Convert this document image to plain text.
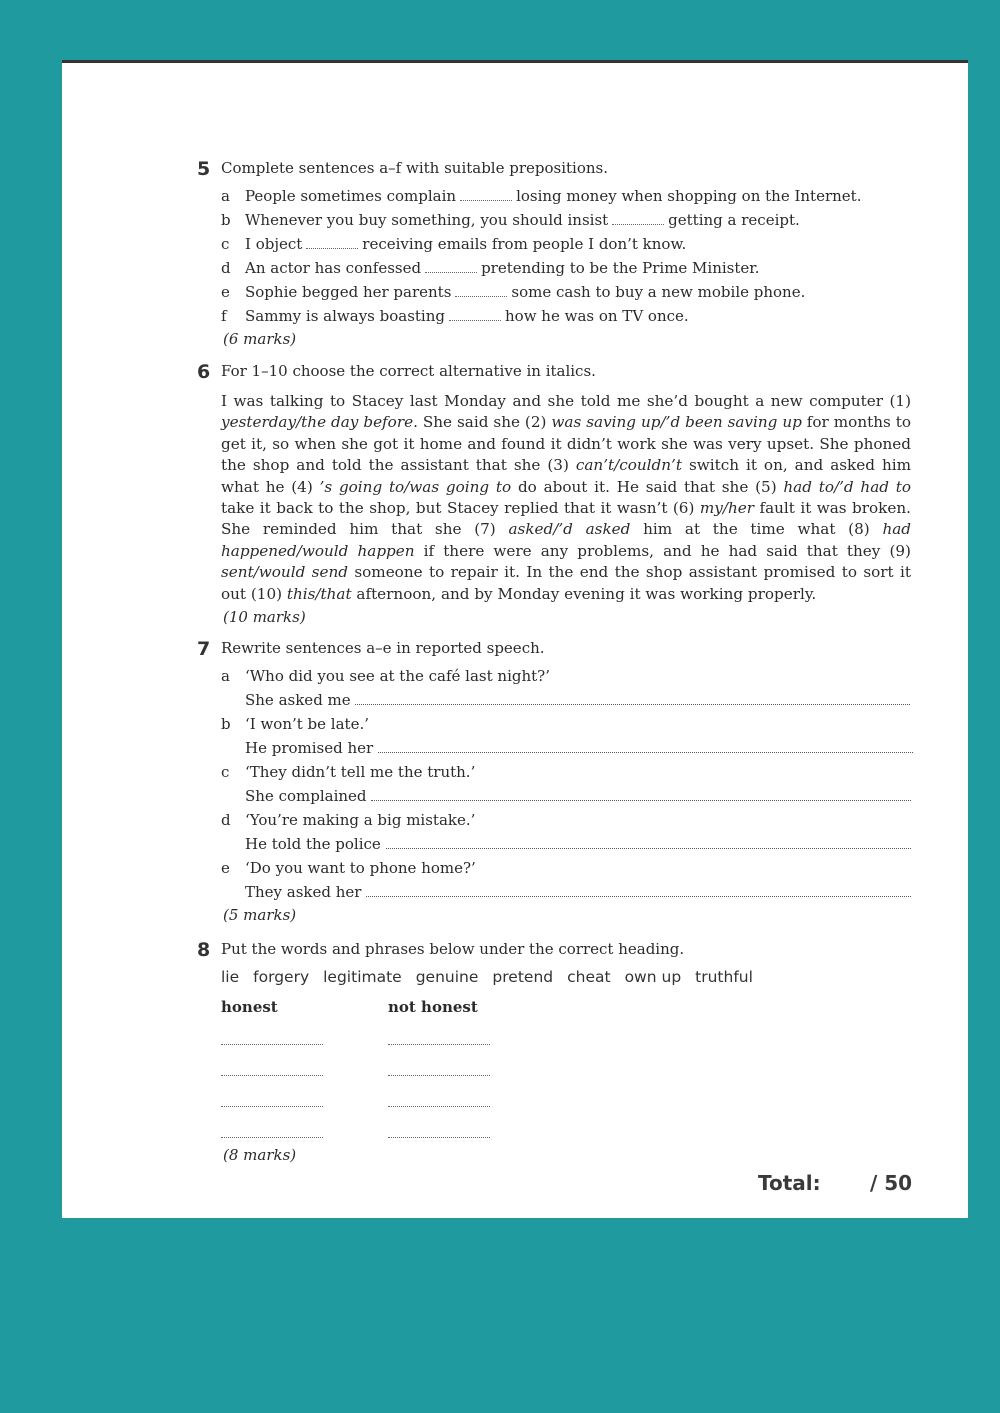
5 Complete sentences a–f with suitable prepositions.
a People sometimes complain	losing money when shopping on the Internet.
b Whenever you buy something, you should insist	getting a receipt.
c I object	receiving emails from people I don’t know.
d An actor has confessed	pretending to be the Prime Minister.
e Sophie begged her parents	some cash to buy a new mobile phone.
f Sammy is always boasting	how he was on TV once.
(6 marks)
6 For 1–10 choose the correct alternative in italics.
I was talking to Stacey last Monday and she told me she’d bought a new computer (1) yesterday/the day before. She said she (2) was saving up/’d been saving up for months to get it, so when she got it home and found it didn’t work she was very upset. She phoned the shop and told the assistant that she (3) can’t/couldn’t switch it on, and asked him what he (4) ’s going to/was going to do about it. He said that she (5) had to/’d had to take it back to the shop, but Stacey replied that it wasn’t (6) my/her fault it was broken. She reminded him that she (7) asked/’d asked him at the time what (8) had happened/would happen if there were any problems, and he had said that they (9) sent/would send someone to repair it. In the end the shop assistant promised to sort it out (10) this/that afternoon, and by Monday evening it was working properly.
(10 marks)
7 Rewrite sentences a–e in reported speech.
a ‘Who did you see at the café last night?’
She asked me
b ‘I won’t be late.’
He promised her
c ‘They didn’t tell me the truth.’
She complained
d ‘You’re making a big mistake.’
He told the police
e ‘Do you want to phone home?’
They asked her
(5 marks)
8 Put the words and phrases below under the correct heading.
lie forgery legitimate genuine pretend cheat own up truthful
honest	not honest
(8 marks)
Total: / 50
